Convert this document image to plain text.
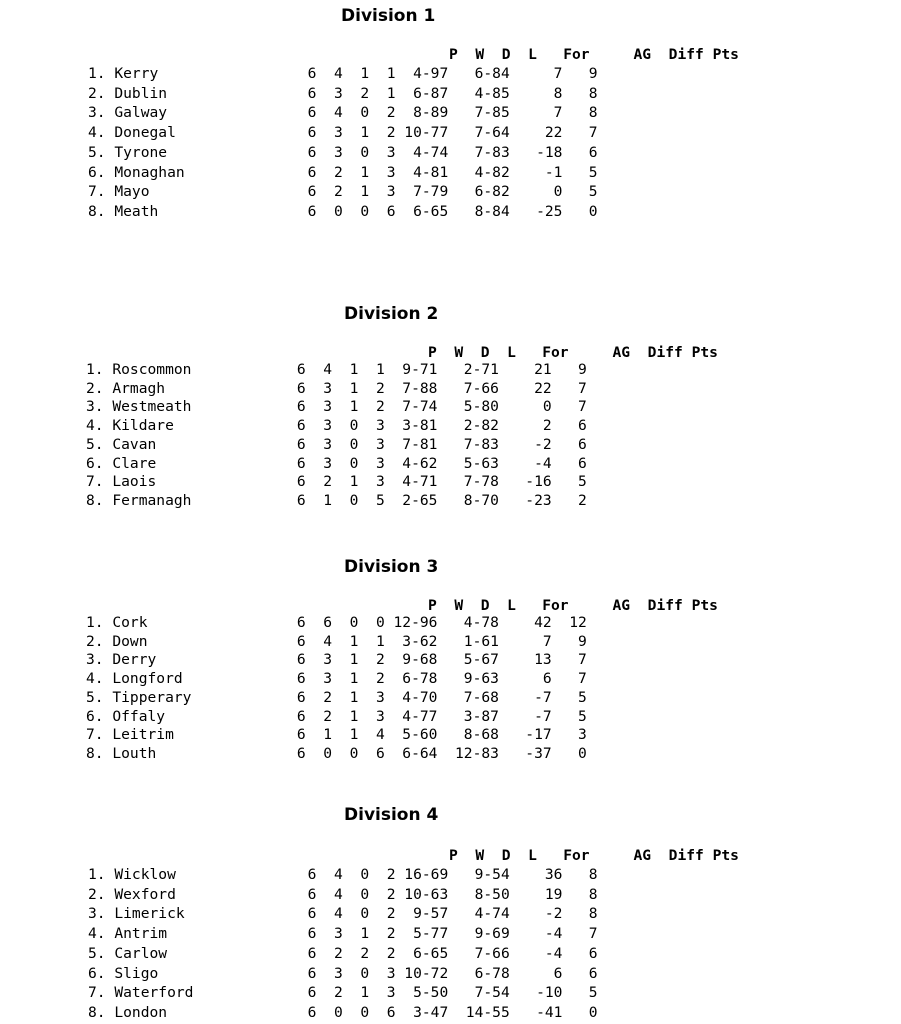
Division 1
P  W  D  L   For     AG  Diff Pts
1. Kerry                 6  4  1  1  4-97   6-84     7   9
2. Dublin                6  3  2  1  6-87   4-85     8   8
3. Galway                6  4  0  2  8-89   7-85     7   8
4. Donegal               6  3  1  2 10-77   7-64    22   7
5. Tyrone                6  3  0  3  4-74   7-83   -18   6
6. Monaghan              6  2  1  3  4-81   4-82    -1   5
7. Mayo                  6  2  1  3  7-79   6-82     0   5
8. Meath                 6  0  0  6  6-65   8-84   -25   0
Division 2
P  W  D  L   For     AG  Diff Pts
1. Roscommon            6  4  1  1  9-71   2-71    21   9
2. Armagh               6  3  1  2  7-88   7-66    22   7
3. Westmeath            6  3  1  2  7-74   5-80     0   7
4. Kildare              6  3  0  3  3-81   2-82     2   6
5. Cavan                6  3  0  3  7-81   7-83    -2   6
6. Clare                6  3  0  3  4-62   5-63    -4   6
7. Laois                6  2  1  3  4-71   7-78   -16   5
8. Fermanagh            6  1  0  5  2-65   8-70   -23   2
Division 3
P  W  D  L   For     AG  Diff Pts
1. Cork                 6  6  0  0 12-96   4-78    42  12
2. Down                 6  4  1  1  3-62   1-61     7   9
3. Derry                6  3  1  2  9-68   5-67    13   7
4. Longford             6  3  1  2  6-78   9-63     6   7
5. Tipperary            6  2  1  3  4-70   7-68    -7   5
6. Offaly               6  2  1  3  4-77   3-87    -7   5
7. Leitrim              6  1  1  4  5-60   8-68   -17   3
8. Louth                6  0  0  6  6-64  12-83   -37   0
Division 4
P  W  D  L   For     AG  Diff Pts
1. Wicklow               6  4  0  2 16-69   9-54    36   8
2. Wexford               6  4  0  2 10-63   8-50    19   8
3. Limerick              6  4  0  2  9-57   4-74    -2   8
4. Antrim                6  3  1  2  5-77   9-69    -4   7
5. Carlow                6  2  2  2  6-65   7-66    -4   6
6. Sligo                 6  3  0  3 10-72   6-78     6   6
7. Waterford             6  2  1  3  5-50   7-54   -10   5
8. London                6  0  0  6  3-47  14-55   -41   0
